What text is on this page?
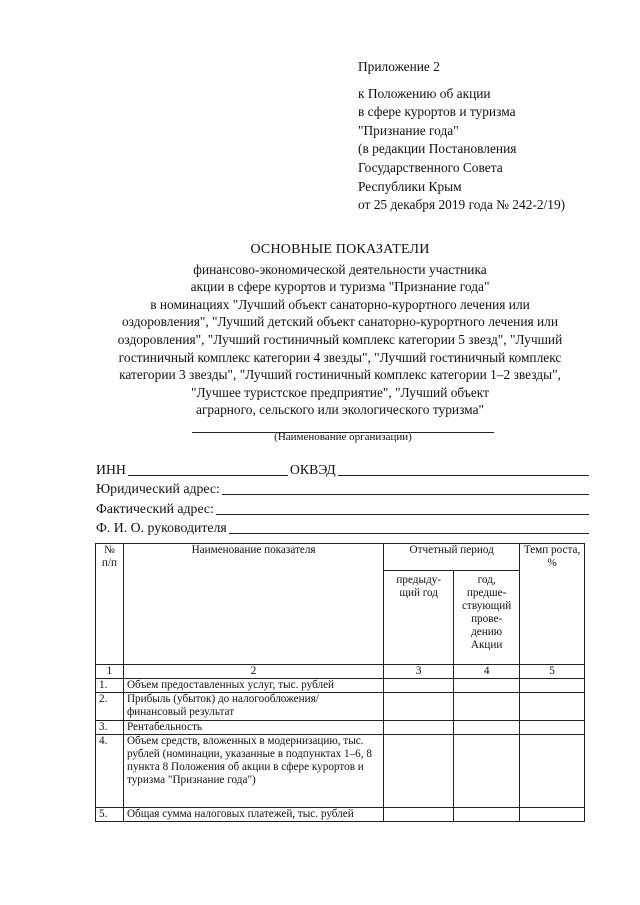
Приложение 2
к Положению об акции
в сфере курортов и туризма
"Признание года"
(в редакции Постановления
Государственного Совета
Республики Крым
от 25 декабря 2019 года № 242-2/19)
ОСНОВНЫЕ ПОКАЗАТЕЛИ
финансово-экономической деятельности участника
акции в сфере курортов и туризма "Признание года"
в номинациях "Лучший объект санаторно-курортного лечения или
оздоровления", "Лучший детский объект санаторно-курортного лечения или
оздоровления", "Лучший гостиничный комплекс категории 5 звезд", "Лучший
гостиничный комплекс категории 4 звезды", "Лучший гостиничный комплекс
категории 3 звезды", "Лучший гостиничный комплекс категории 1–2 звезды",
"Лучшее туристское предприятие", "Лучший объект
аграрного, сельского или экологического туризма"
(Наименование организации)
ИНН	ОКВЭД
Юридический адрес:
Фактический адрес:
Ф. И. О. руководителя
№ п/п	Наименование показателя	Отчетный период		Темп роста, %
		предыду-щий год	год, предше-ствующий прове-дению Акции	
1	2	3	4	5
1.	Объем предоставленных услуг, тыс. рублей			
2.	Прибыль (убыток) до налогообложения/ финансовый результат			
3.	Рентабельность			
4.	Объем средств, вложенных в модернизацию, тыс. рублей (номинации, указанные в подпунктах 1–6, 8 пункта 8 Положения об акции в сфере курортов и туризма "Признание года")			
5.	Общая сумма налоговых платежей, тыс. рублей			
